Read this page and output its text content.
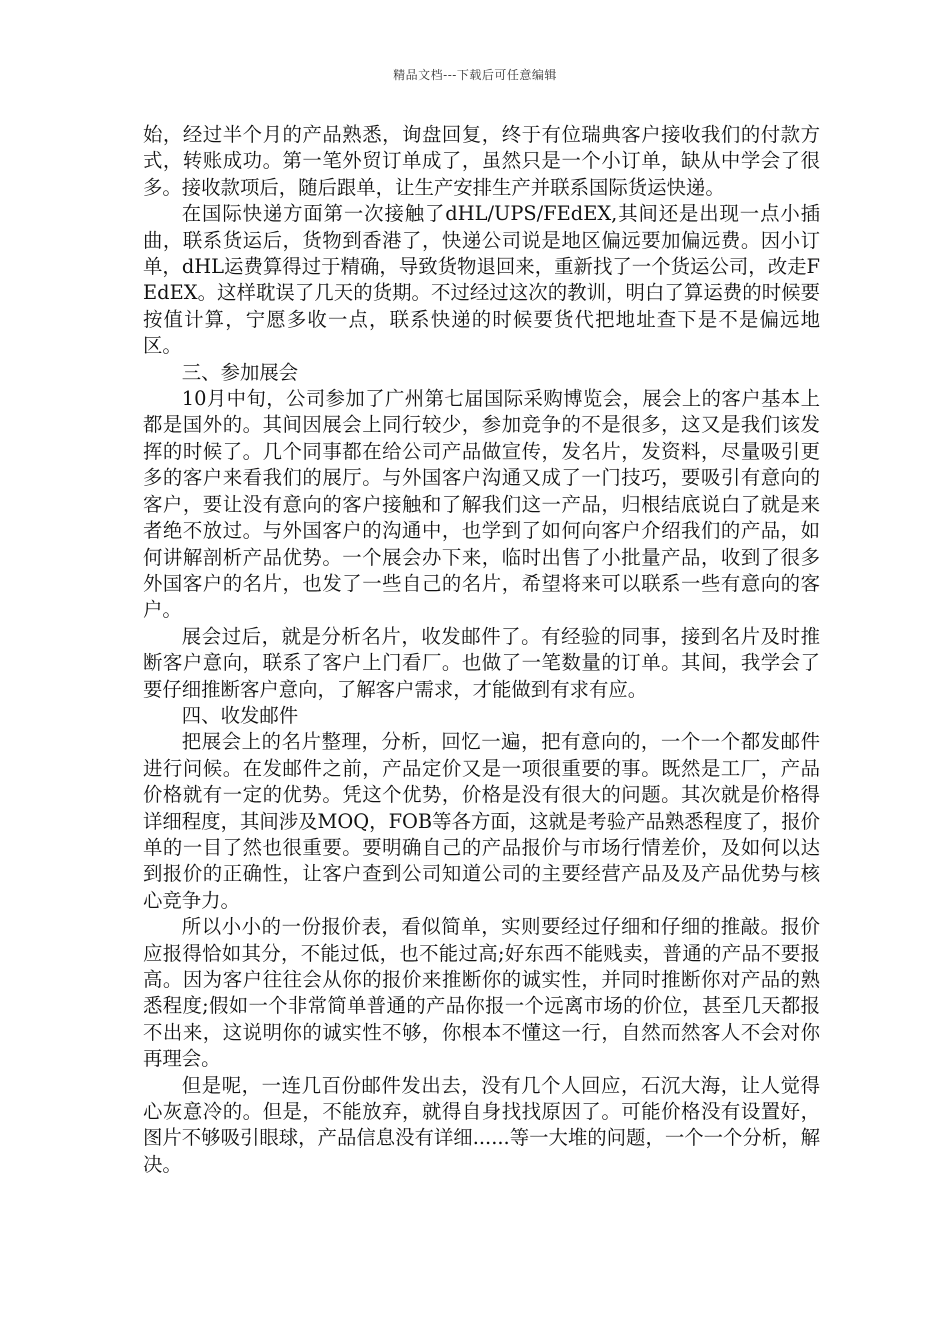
精品文档---下载后可任意编辑

始，经过半个月的产品熟悉，询盘回复，终于有位瑞典客户接收我们的付款方式，转账成功。第一笔外贸订单成了，虽然只是一个小订单，缺从中学会了很多。接收款项后，随后跟单，让生产安排生产并联系国际货运快递。

在国际快递方面第一次接触了dHL/UPS/FEdEX,其间还是出现一点小插曲，联系货运后，货物到香港了，快递公司说是地区偏远要加偏远费。因小订单，dHL运费算得过于精确，导致货物退回来，重新找了一个货运公司，改走FEdEX。这样耽误了几天的货期。不过经过这次的教训，明白了算运费的时候要按值计算，宁愿多收一点，联系快递的时候要货代把地址查下是不是偏远地区。

三、参加展会

10月中旬，公司参加了广州第七届国际采购博览会，展会上的客户基本上都是国外的。其间因展会上同行较少，参加竞争的不是很多，这又是我们该发挥的时候了。几个同事都在给公司产品做宣传，发名片，发资料，尽量吸引更多的客户来看我们的展厅。与外国客户沟通又成了一门技巧，要吸引有意向的客户，要让没有意向的客户接触和了解我们这一产品，归根结底说白了就是来者绝不放过。与外国客户的沟通中，也学到了如何向客户介绍我们的产品，如何讲解剖析产品优势。一个展会办下来，临时出售了小批量产品，收到了很多外国客户的名片，也发了一些自己的名片，希望将来可以联系一些有意向的客户。

展会过后，就是分析名片，收发邮件了。有经验的同事，接到名片及时推断客户意向，联系了客户上门看厂。也做了一笔数量的订单。其间，我学会了要仔细推断客户意向，了解客户需求，才能做到有求有应。

四、收发邮件

把展会上的名片整理，分析，回忆一遍，把有意向的，一个一个都发邮件进行问候。在发邮件之前，产品定价又是一项很重要的事。既然是工厂，产品价格就有一定的优势。凭这个优势，价格是没有很大的问题。其次就是价格得详细程度，其间涉及MOQ，FOB等各方面，这就是考验产品熟悉程度了，报价单的一目了然也很重要。要明确自己的产品报价与市场行情差价，及如何以达到报价的正确性，让客户查到公司知道公司的主要经营产品及及产品优势与核心竞争力。

所以小小的一份报价表，看似简单，实则要经过仔细和仔细的推敲。报价应报得恰如其分，不能过低，也不能过高;好东西不能贱卖，普通的产品不要报高。因为客户往往会从你的报价来推断你的诚实性，并同时推断你对产品的熟悉程度;假如一个非常简单普通的产品你报一个远离市场的价位，甚至几天都报不出来，这说明你的诚实性不够，你根本不懂这一行，自然而然客人不会对你再理会。

但是呢，一连几百份邮件发出去，没有几个人回应，石沉大海，让人觉得心灰意冷的。但是，不能放弃，就得自身找找原因了。可能价格没有设置好，图片不够吸引眼球，产品信息没有详细......等一大堆的问题，一个一个分析，解决。
